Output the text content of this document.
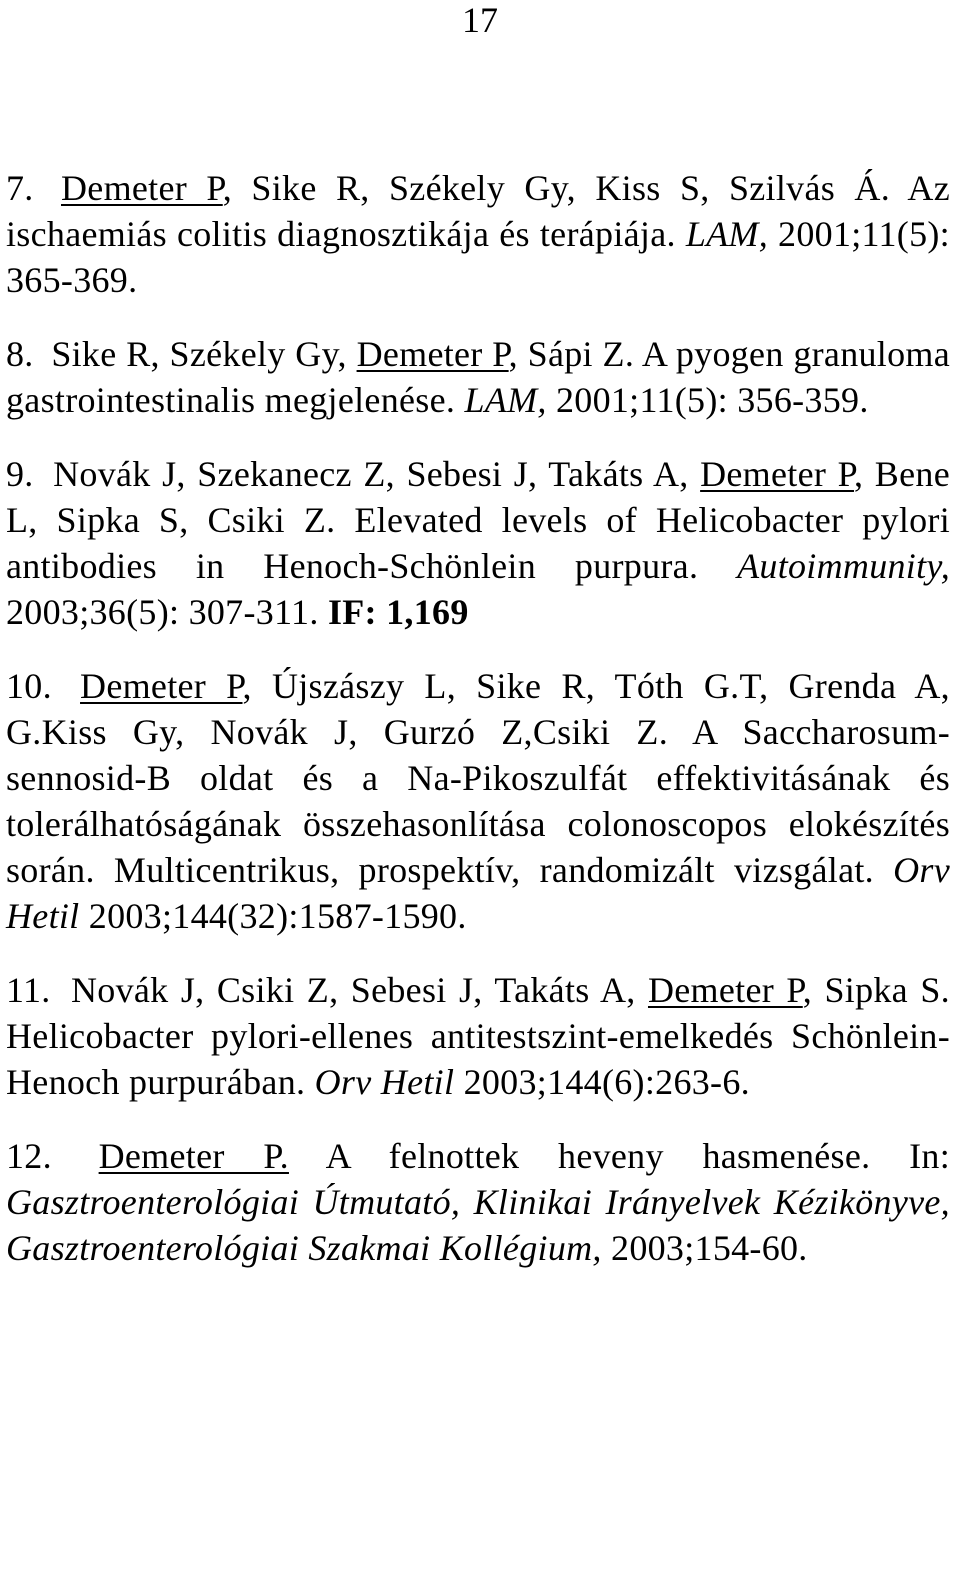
17

7. Demeter P, Sike R, Székely Gy, Kiss S, Szilvás Á. Az ischaemiás colitis diagnosztikája és terápiája. LAM, 2001;11(5): 365-369.

8. Sike R, Székely Gy, Demeter P, Sápi Z. A pyogen granuloma gastrointestinalis megjelenése. LAM, 2001;11(5): 356-359.

9. Novák J, Szekanecz Z, Sebesi J, Takáts A, Demeter P, Bene L, Sipka S, Csiki Z. Elevated levels of Helicobacter pylori antibodies in Henoch-Schönlein purpura. Autoimmunity, 2003;36(5): 307-311. IF: 1,169

10. Demeter P, Újszászy L, Sike R, Tóth G.T, Grenda A, G.Kiss Gy, Novák J, Gurzó Z,Csiki Z. A Saccharosum-sennosid-B oldat és a Na-Pikoszulfát effektivitásának és tolerálhatóságának összehasonlítása colonoscopos elokészítés során. Multicentrikus, prospektív, randomizált vizsgálat. Orv Hetil 2003;144(32):1587-1590.

11. Novák J, Csiki Z, Sebesi J, Takáts A, Demeter P, Sipka S. Helicobacter pylori-ellenes antitestszint-emelkedés Schönlein-Henoch purpurában. Orv Hetil 2003;144(6):263-6.

12. Demeter P. A felnottek heveny hasmenése. In: Gasztroenterológiai Útmutató, Klinikai Irányelvek Kézikönyve, Gasztroenterológiai Szakmai Kollégium, 2003;154-60.
